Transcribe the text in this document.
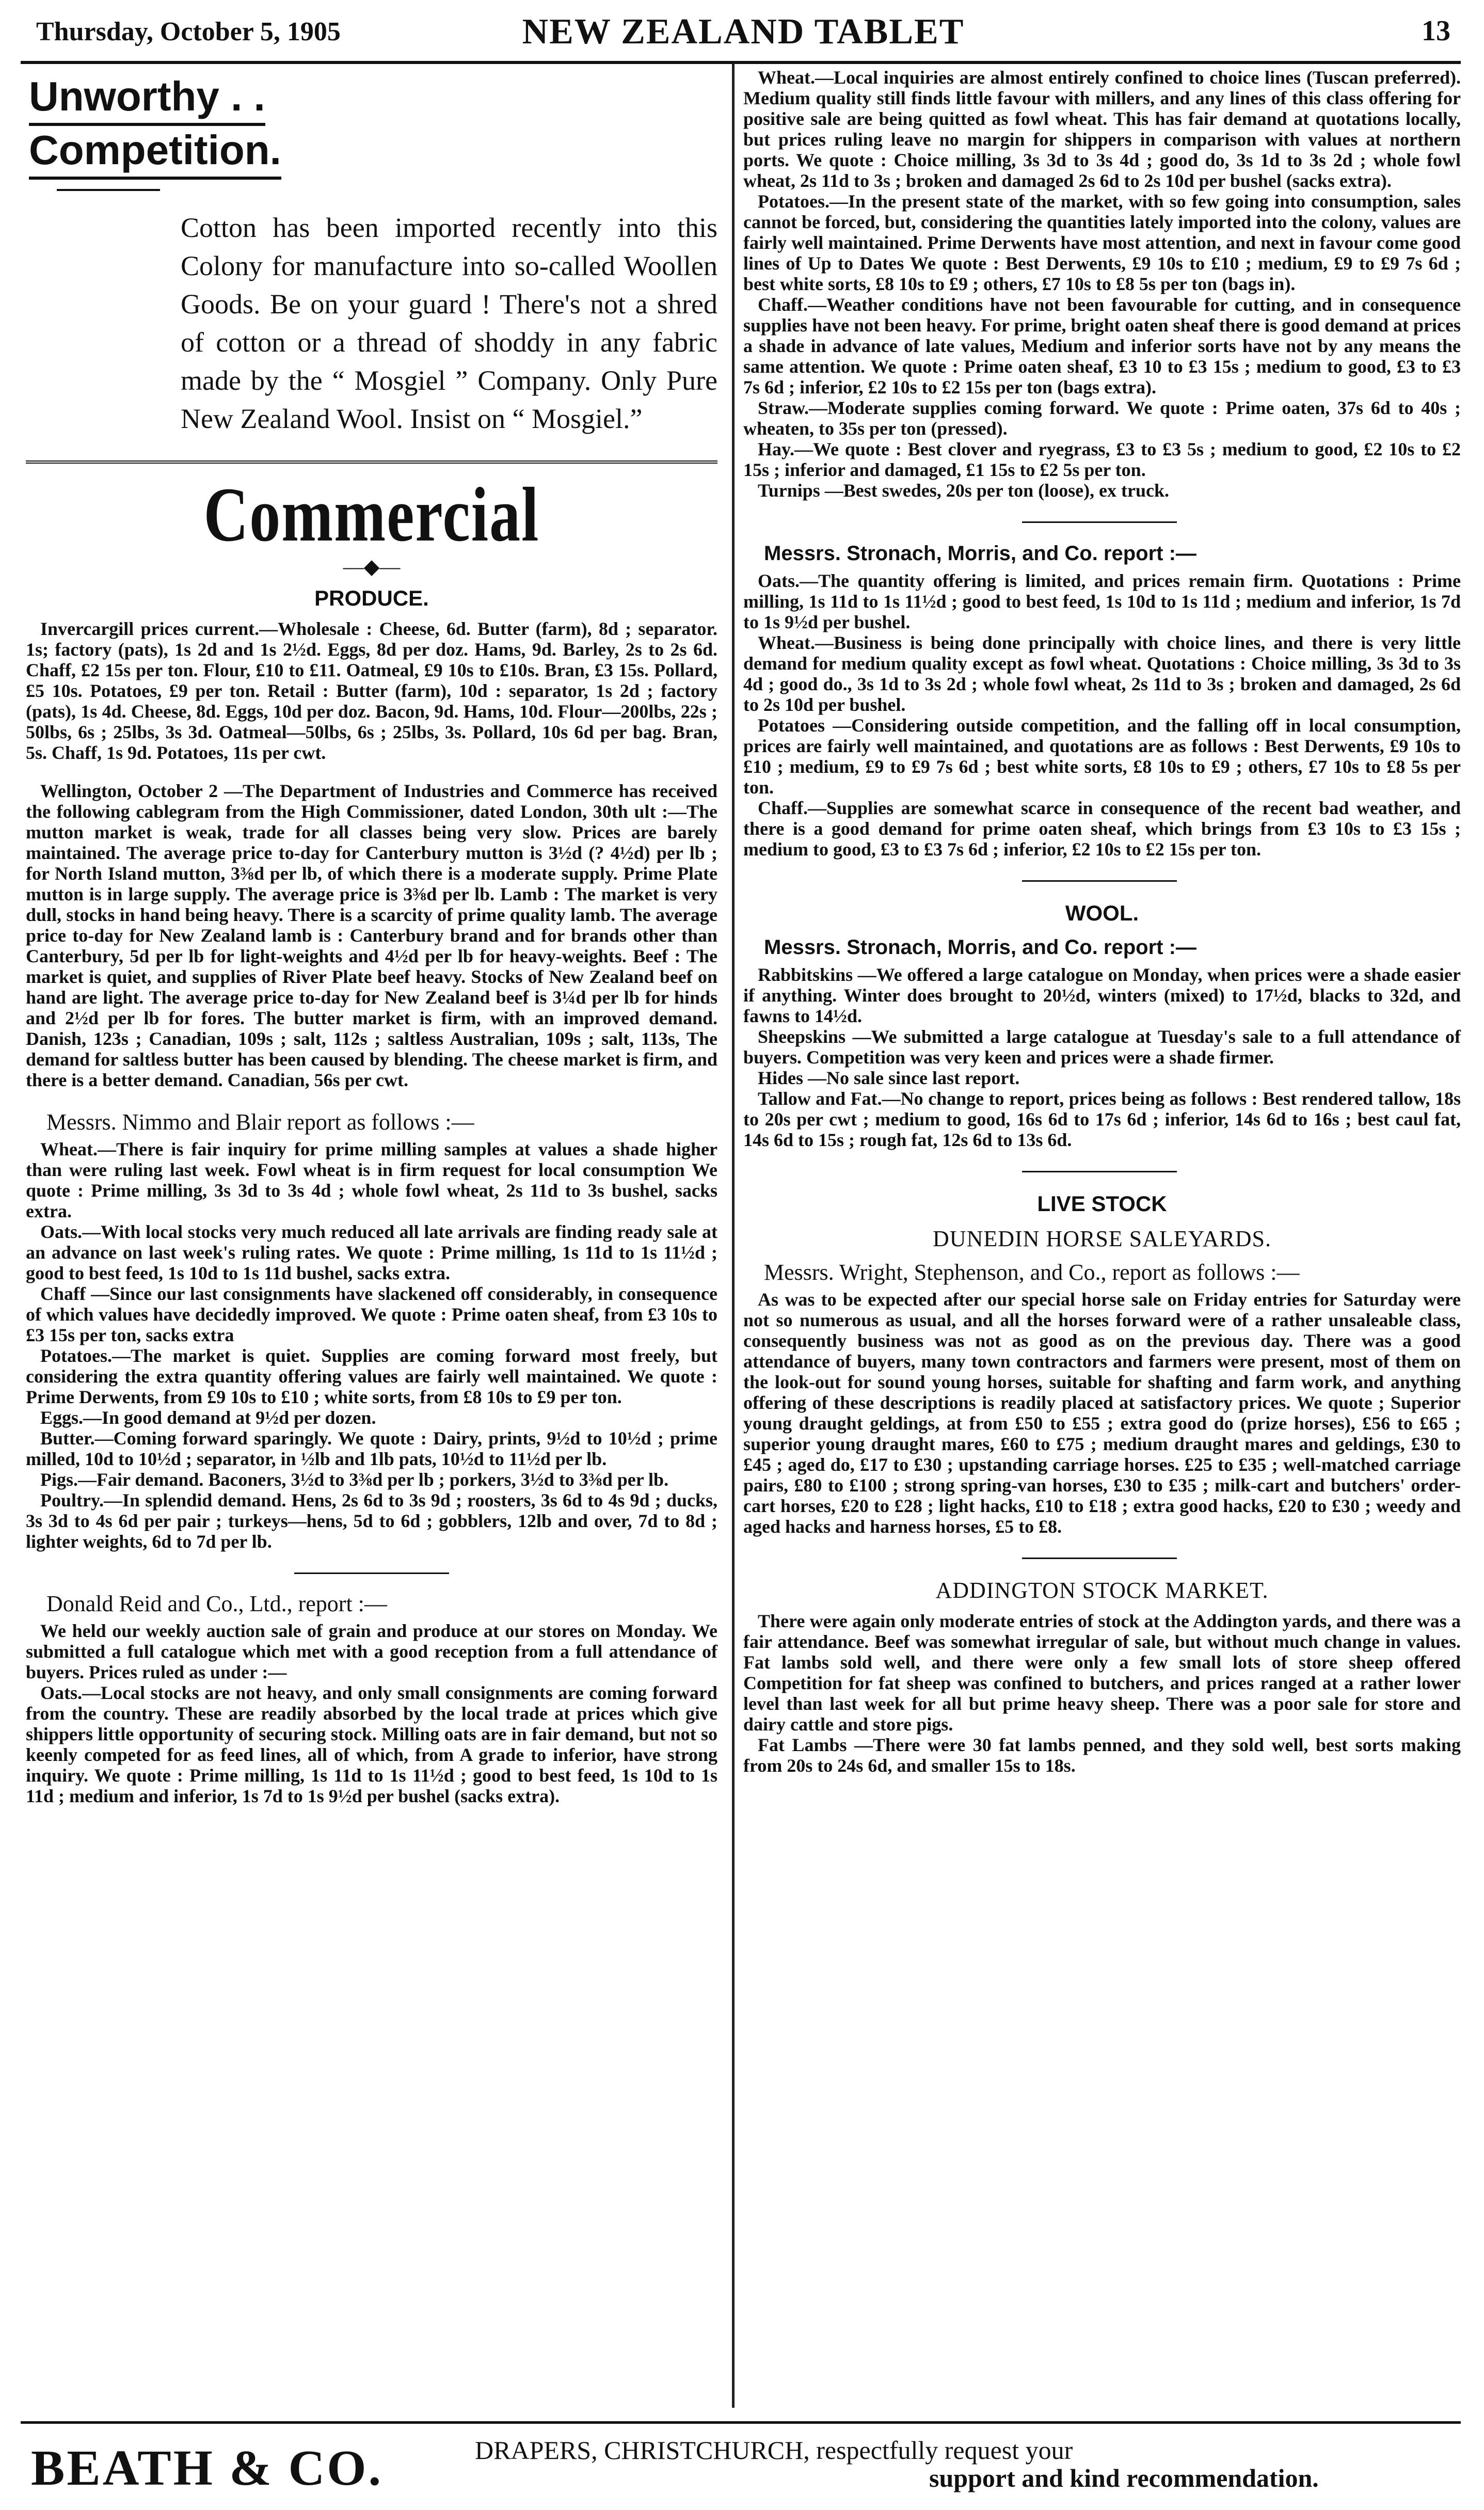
Thursday, October 5, 1905	NEW ZEALAND TABLET	13
Unworthy . .
Competition.

Cotton has been imported recently into this Colony for manufacture into so-called Woollen Goods. Be on your guard ! There's not a shred of cotton or a thread of shoddy in any fabric made by the “ Mosgiel ” Company. Only Pure New Zealand Wool. Insist on “ Mosgiel.”

Commercial
—◆—
PRODUCE.

Invercargill prices current.—Wholesale : Cheese, 6d. Butter (farm), 8d ; separator. 1s; factory (pats), 1s 2d and 1s 2½d. Eggs, 8d per doz. Hams, 9d. Barley, 2s to 2s 6d. Chaff, £2 15s per ton. Flour, £10 to £11. Oatmeal, £9 10s to £10s. Bran, £3 15s. Pollard, £5 10s. Potatoes, £9 per ton. Retail : Butter (farm), 10d : separator, 1s 2d ; factory (pats), 1s 4d. Cheese, 8d. Eggs, 10d per doz. Bacon, 9d. Hams, 10d. Flour—200lbs, 22s ; 50lbs, 6s ; 25lbs, 3s 3d. Oatmeal—50lbs, 6s ; 25lbs, 3s. Pollard, 10s 6d per bag. Bran, 5s. Chaff, 1s 9d. Potatoes, 11s per cwt.

Wellington, October 2 —The Department of Industries and Commerce has received the following cablegram from the High Commissioner, dated London, 30th ult :—The mutton market is weak, trade for all classes being very slow. Prices are barely maintained. The average price to-day for Canterbury mutton is 3½d (? 4½d) per lb ; for North Island mutton, 3⅜d per lb, of which there is a moderate supply. Prime Plate mutton is in large supply. The average price is 3⅜d per lb. Lamb : The market is very dull, stocks in hand being heavy. There is a scarcity of prime quality lamb. The average price to-day for New Zealand lamb is : Canterbury brand and for brands other than Canterbury, 5d per lb for light-weights and 4½d per lb for heavy-weights. Beef : The market is quiet, and supplies of River Plate beef heavy. Stocks of New Zealand beef on hand are light. The average price to-day for New Zealand beef is 3¼d per lb for hinds and 2½d per lb for fores. The butter market is firm, with an improved demand. Danish, 123s ; Canadian, 109s ; salt, 112s ; saltless Australian, 109s ; salt, 113s, The demand for saltless butter has been caused by blending. The cheese market is firm, and there is a better demand. Canadian, 56s per cwt.

Messrs. Nimmo and Blair report as follows :—

Wheat.—There is fair inquiry for prime milling samples at values a shade higher than were ruling last week. Fowl wheat is in firm request for local consumption We quote : Prime milling, 3s 3d to 3s 4d ; whole fowl wheat, 2s 11d to 3s bushel, sacks extra.

Oats.—With local stocks very much reduced all late arrivals are finding ready sale at an advance on last week's ruling rates. We quote : Prime milling, 1s 11d to 1s 11½d ; good to best feed, 1s 10d to 1s 11d bushel, sacks extra.

Chaff —Since our last consignments have slackened off considerably, in consequence of which values have decidedly improved. We quote : Prime oaten sheaf, from £3 10s to £3 15s per ton, sacks extra

Potatoes.—The market is quiet. Supplies are coming forward most freely, but considering the extra quantity offering values are fairly well maintained. We quote : Prime Derwents, from £9 10s to £10 ; white sorts, from £8 10s to £9 per ton.

Eggs.—In good demand at 9½d per dozen.

Butter.—Coming forward sparingly. We quote : Dairy, prints, 9½d to 10½d ; prime milled, 10d to 10½d ; separator, in ½lb and 1lb pats, 10½d to 11½d per lb.

Pigs.—Fair demand. Baconers, 3½d to 3⅜d per lb ; porkers, 3½d to 3⅜d per lb.

Poultry.—In splendid demand. Hens, 2s 6d to 3s 9d ; roosters, 3s 6d to 4s 9d ; ducks, 3s 3d to 4s 6d per pair ; turkeys—hens, 5d to 6d ; gobblers, 12lb and over, 7d to 8d ; lighter weights, 6d to 7d per lb.

Donald Reid and Co., Ltd., report :—

We held our weekly auction sale of grain and produce at our stores on Monday. We submitted a full catalogue which met with a good reception from a full attendance of buyers. Prices ruled as under :—

Oats.—Local stocks are not heavy, and only small consignments are coming forward from the country. These are readily absorbed by the local trade at prices which give shippers little opportunity of securing stock. Milling oats are in fair demand, but not so keenly competed for as feed lines, all of which, from A grade to inferior, have strong inquiry. We quote : Prime milling, 1s 11d to 1s 11½d ; good to best feed, 1s 10d to 1s 11d ; medium and inferior, 1s 7d to 1s 9½d per bushel (sacks extra).

Wheat.—Local inquiries are almost entirely confined to choice lines (Tuscan preferred). Medium quality still finds little favour with millers, and any lines of this class offering for positive sale are being quitted as fowl wheat. This has fair demand at quotations locally, but prices ruling leave no margin for shippers in comparison with values at northern ports. We quote : Choice milling, 3s 3d to 3s 4d ; good do, 3s 1d to 3s 2d ; whole fowl wheat, 2s 11d to 3s ; broken and damaged 2s 6d to 2s 10d per bushel (sacks extra).

Potatoes.—In the present state of the market, with so few going into consumption, sales cannot be forced, but, considering the quantities lately imported into the colony, values are fairly well maintained. Prime Derwents have most attention, and next in favour come good lines of Up to Dates We quote : Best Derwents, £9 10s to £10 ; medium, £9 to £9 7s 6d ; best white sorts, £8 10s to £9 ; others, £7 10s to £8 5s per ton (bags in).

Chaff.—Weather conditions have not been favourable for cutting, and in consequence supplies have not been heavy. For prime, bright oaten sheaf there is good demand at prices a shade in advance of late values, Medium and inferior sorts have not by any means the same attention. We quote : Prime oaten sheaf, £3 10 to £3 15s ; medium to good, £3 to £3 7s 6d ; inferior, £2 10s to £2 15s per ton (bags extra).

Straw.—Moderate supplies coming forward. We quote : Prime oaten, 37s 6d to 40s ; wheaten, to 35s per ton (pressed).

Hay.—We quote : Best clover and ryegrass, £3 to £3 5s ; medium to good, £2 10s to £2 15s ; inferior and damaged, £1 15s to £2 5s per ton.

Turnips —Best swedes, 20s per ton (loose), ex truck.

Messrs. Stronach, Morris, and Co. report :—

Oats.—The quantity offering is limited, and prices remain firm. Quotations : Prime milling, 1s 11d to 1s 11½d ; good to best feed, 1s 10d to 1s 11d ; medium and inferior, 1s 7d to 1s 9½d per bushel.

Wheat.—Business is being done principally with choice lines, and there is very little demand for medium quality except as fowl wheat. Quotations : Choice milling, 3s 3d to 3s 4d ; good do., 3s 1d to 3s 2d ; whole fowl wheat, 2s 11d to 3s ; broken and damaged, 2s 6d to 2s 10d per bushel.

Potatoes —Considering outside competition, and the falling off in local consumption, prices are fairly well maintained, and quotations are as follows : Best Derwents, £9 10s to £10 ; medium, £9 to £9 7s 6d ; best white sorts, £8 10s to £9 ; others, £7 10s to £8 5s per ton.

Chaff.—Supplies are somewhat scarce in consequence of the recent bad weather, and there is a good demand for prime oaten sheaf, which brings from £3 10s to £3 15s ; medium to good, £3 to £3 7s 6d ; inferior, £2 10s to £2 15s per ton.

WOOL.
Messrs. Stronach, Morris, and Co. report :—

Rabbitskins —We offered a large catalogue on Monday, when prices were a shade easier if anything. Winter does brought to 20½d, winters (mixed) to 17½d, blacks to 32d, and fawns to 14½d.

Sheepskins —We submitted a large catalogue at Tuesday's sale to a full attendance of buyers. Competition was very keen and prices were a shade firmer.

Hides —No sale since last report.

Tallow and Fat.—No change to report, prices being as follows : Best rendered tallow, 18s to 20s per cwt ; medium to good, 16s 6d to 17s 6d ; inferior, 14s 6d to 16s ; best caul fat, 14s 6d to 15s ; rough fat, 12s 6d to 13s 6d.

LIVE STOCK
DUNEDIN HORSE SALEYARDS.
Messrs. Wright, Stephenson, and Co., report as follows :—

As was to be expected after our special horse sale on Friday entries for Saturday were not so numerous as usual, and all the horses forward were of a rather unsaleable class, consequently business was not as good as on the previous day. There was a good attendance of buyers, many town contractors and farmers were present, most of them on the look-out for sound young horses, suitable for shafting and farm work, and anything offering of these descriptions is readily placed at satisfactory prices. We quote ; Superior young draught geldings, at from £50 to £55 ; extra good do (prize horses), £56 to £65 ; superior young draught mares, £60 to £75 ; medium draught mares and geldings, £30 to £45 ; aged do, £17 to £30 ; upstanding carriage horses. £25 to £35 ; well-matched carriage pairs, £80 to £100 ; strong spring-van horses, £30 to £35 ; milk-cart and butchers' order-cart horses, £20 to £28 ; light hacks, £10 to £18 ; extra good hacks, £20 to £30 ; weedy and aged hacks and harness horses, £5 to £8.

ADDINGTON STOCK MARKET.

There were again only moderate entries of stock at the Addington yards, and there was a fair attendance. Beef was somewhat irregular of sale, but without much change in values. Fat lambs sold well, and there were only a few small lots of store sheep offered Competition for fat sheep was confined to butchers, and prices ranged at a rather lower level than last week for all but prime heavy sheep. There was a poor sale for store and dairy cattle and store pigs.

Fat Lambs —There were 30 fat lambs penned, and they sold well, best sorts making from 20s to 24s 6d, and smaller 15s to 18s.

BEATH & CO.	DRAPERS, CHRISTCHURCH, respectfully request your
support and kind recommendation.
